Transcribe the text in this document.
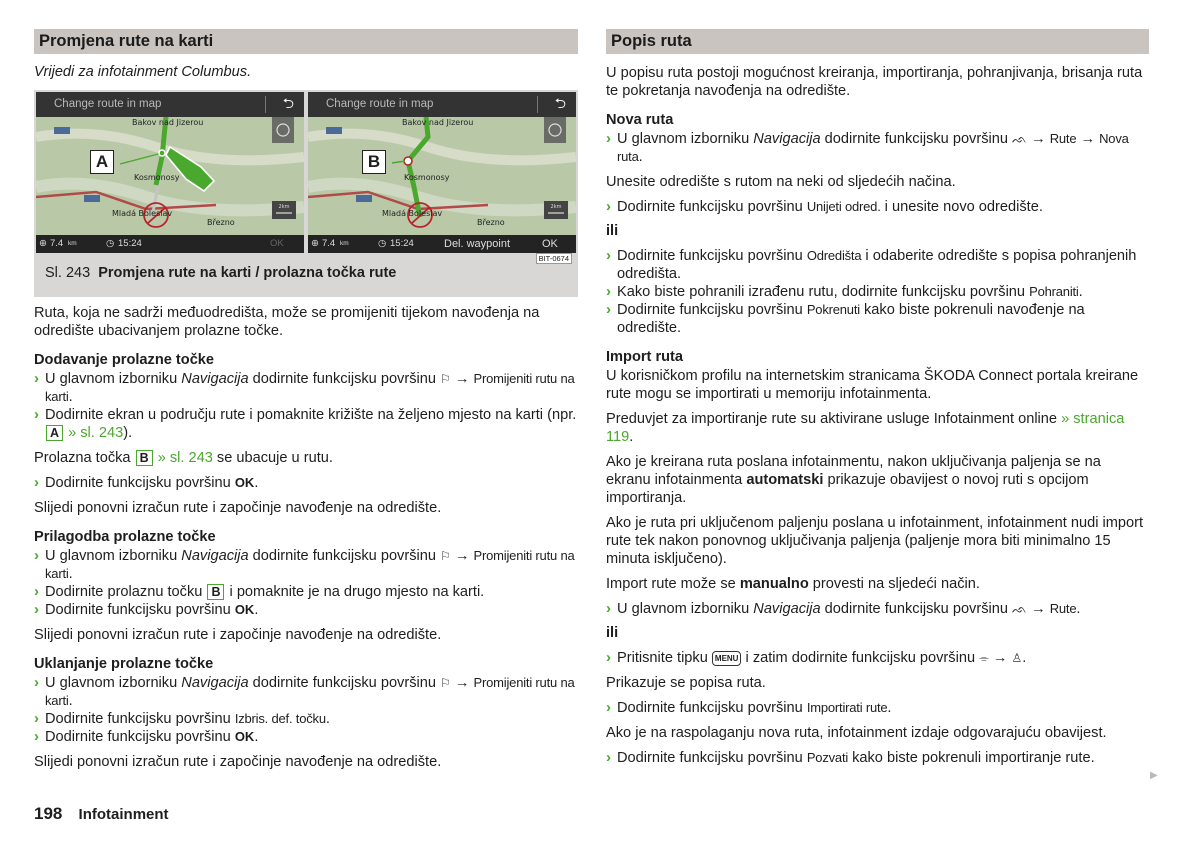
Promjena rute na karti
Vrijedi za infotainment Columbus.
Change route in map	⮌
2km
Bakov nad Jizerou
Kosmonosy
Mladá Boleslav
Březno
A
⊕ 7.4 km	◷ 15:24	OK
Change route in map	⮌
2km
Bakov nad Jizerou
Kosmonosy
Mladá Boleslav
Březno
B
⊕ 7.4 km	◷ 15:24	Del. waypoint	OK
BIT-0674
Sl. 243 Promjena rute na karti / prolazna točka rute
Ruta, koja ne sadrži međuodredišta, može se promijeniti tijekom navođenja na odredište ubacivanjem prolazne točke.
Dodavanje prolazne točke
› U glavnom izborniku Navigacija dodirnite funkcijsku površinu ⚐ → Promijeniti rutu na karti.
› Dodirnite ekran u području rute i pomaknite križište na željeno mjesto na karti (npr. A » sl. 243).
Prolazna točka B » sl. 243 se ubacuje u rutu.
› Dodirnite funkcijsku površinu OK.
Slijedi ponovni izračun rute i započinje navođenje na odredište.
Prilagodba prolazne točke
› U glavnom izborniku Navigacija dodirnite funkcijsku površinu ⚐ → Promijeniti rutu na karti.
› Dodirnite prolaznu točku B i pomaknite je na drugo mjesto na karti.
› Dodirnite funkcijsku površinu OK.
Slijedi ponovni izračun rute i započinje navođenje na odredište.
Uklanjanje prolazne točke
› U glavnom izborniku Navigacija dodirnite funkcijsku površinu ⚐ → Promijeniti rutu na karti.
› Dodirnite funkcijsku površinu Izbris. def. točku.
› Dodirnite funkcijsku površinu OK.
Slijedi ponovni izračun rute i započinje navođenje na odredište.
Popis ruta
U popisu ruta postoji mogućnost kreiranja, importiranja, pohranjivanja, brisanja ruta te pokretanja navođenja na odredište.
Nova ruta
› U glavnom izborniku Navigacija dodirnite funkcijsku površinu ᨒ → Rute → Nova ruta.
Unesite odredište s rutom na neki od sljedećih načina.
› Dodirnite funkcijsku površinu Unijeti odred. i unesite novo odredište.
ili
› Dodirnite funkcijsku površinu Odredišta i odaberite odredište s popisa pohranjenih odredišta.
› Kako biste pohranili izrađenu rutu, dodirnite funkcijsku površinu Pohraniti.
› Dodirnite funkcijsku površinu Pokrenuti kako biste pokrenuli navođenje na odredište.
Import ruta
U korisničkom profilu na internetskim stranicama ŠKODA Connect portala kreirane rute mogu se importirati u memoriju infotainmenta.
Preduvjet za importiranje rute su aktivirane usluge Infotainment online » stranica 119.
Ako je kreirana ruta poslana infotainmentu, nakon uključivanja paljenja se na ekranu infotainmenta automatski prikazuje obavijest o novoj ruti s opcijom importiranja.
Ako je ruta pri uključenom paljenju poslana u infotainment, infotainment nudi import rute tek nakon ponovnog uključivanja paljenja (paljenje mora biti minimalno 15 minuta isključeno).
Import rute može se manualno provesti na sljedeći način.
› U glavnom izborniku Navigacija dodirnite funkcijsku površinu ᨒ → Rute.
ili
› Pritisnite tipku MENU i zatim dodirnite funkcijsku površinu ⌯ → ♙.
Prikazuje se popisa ruta.
› Dodirnite funkcijsku površinu Importirati rute.
Ako je na raspolaganju nova ruta, infotainment izdaje odgovarajuću obavijest.
› Dodirnite funkcijsku površinu Pozvati kako biste pokrenuli importiranje rute.
▶
198 Infotainment
